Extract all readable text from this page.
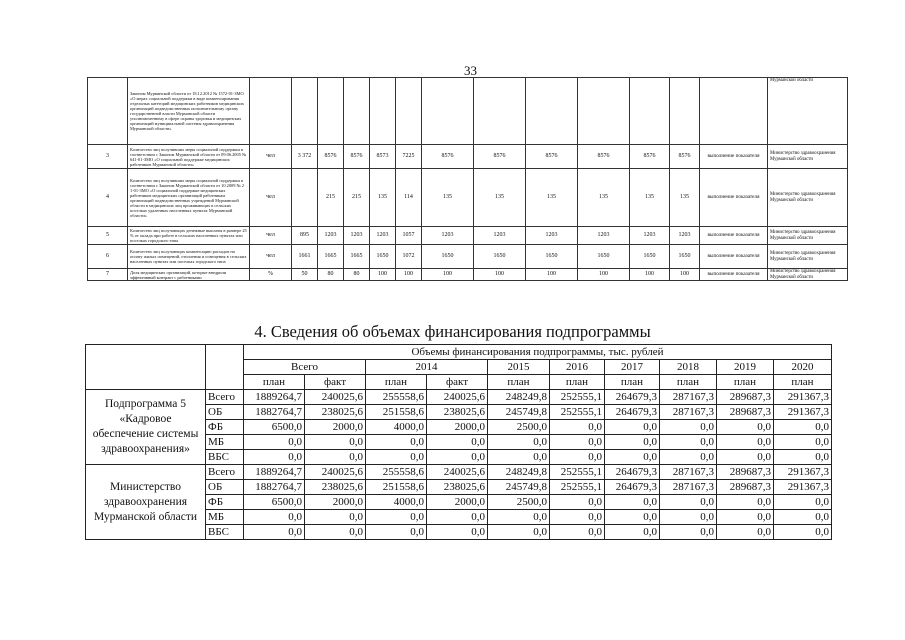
33
	Законом Мурманской области от 18.12.2012 № 1572-01-ЗМО «О мерах социальной поддержки в виде компенсирования отдельных категорий медицинских работников медицинских организаций подведомственных исполнительному органу государственной власти Мурманской области уполномоченному в сфере охраны здоровья и медицинских организаций муниципальной системы здравоохранения Мурманской области»														Мурманской области
3	Количество лиц получивших меры социальной поддержки в соответствии с Законом Мурманской области от 09.06.2005 № 641-01-ЗМО «О социальной поддержке медицинских работников Мурманской области»	чел	3 372	8576	8576	8573	7225	8576	8576	8576	8576	8576	8576	выполнение показателя	Министерство здравоохранения Мурманской области
4	Количество лиц получивших меры социальной поддержки в соответствии с Законом Мурманской области от 10.2009 № 2 1-01-ЗМО «О социальной поддержке медицинских работников медицинских организаций работникам организаций подведомственных учреждений Мурманской области в медицинских лиц проживающих в сельских поселках удаленных населенных пунктах Мурманской области»	чел		215	215	135	114	135	135	135	135	135	135	выполнение показателя	Министерство здравоохранения Мурманской области
5	Количество лиц получающих денежные выплаты в размере 25 % от оклада при работе в сельских населенных пунктах или поселках городского типа	чел	895	1203	1203	1203	1057	1203	1203	1203	1203	1203	1203	выполнение показателя	Министерство здравоохранения Мурманской области
6	Количество лиц получающих компенсацию расходов на оплату жилых помещений, отопления и освещения в сельских населенных пунктах или поселках городского типа	чел	1661	1665	1665	1650	1072	1650	1650	1650	1650	1650	1650	выполнение показателя	Министерство здравоохранения Мурманской области
7	Доля медицинских организаций, которые внедрили эффективный контракт с работниками	%	50	80	80	100	100	100	100	100	100	100	100	выполнение показателя	Министерство здравоохранения Мурманской области
4. Сведения об объемах финансирования подпрограммы
		Объемы финансирования подпрограммы, тыс. рублей									
		Всего		2014		2015	2016	2017	2018	2019	2020
		план	факт	план	факт	план	план	план	план	план	план
Подпрограмма 5 «Кадровое обеспечение системы здравоохранения»	Всего	1889264,7	240025,6	255558,6	240025,6	248249,8	252555,1	264679,3	287167,3	289687,3	291367,3
	ОБ	1882764,7	238025,6	251558,6	238025,6	245749,8	252555,1	264679,3	287167,3	289687,3	291367,3
	ФБ	6500,0	2000,0	4000,0	2000,0	2500,0	0,0	0,0	0,0	0,0	0,0
	МБ	0,0	0,0	0,0	0,0	0,0	0,0	0,0	0,0	0,0	0,0
	ВБС	0,0	0,0	0,0	0,0	0,0	0,0	0,0	0,0	0,0	0,0
Министерство здравоохранения Мурманской области	Всего	1889264,7	240025,6	255558,6	240025,6	248249,8	252555,1	264679,3	287167,3	289687,3	291367,3
	ОБ	1882764,7	238025,6	251558,6	238025,6	245749,8	252555,1	264679,3	287167,3	289687,3	291367,3
	ФБ	6500,0	2000,0	4000,0	2000,0	2500,0	0,0	0,0	0,0	0,0	0,0
	МБ	0,0	0,0	0,0	0,0	0,0	0,0	0,0	0,0	0,0	0,0
	ВБС	0,0	0,0	0,0	0,0	0,0	0,0	0,0	0,0	0,0	0,0
